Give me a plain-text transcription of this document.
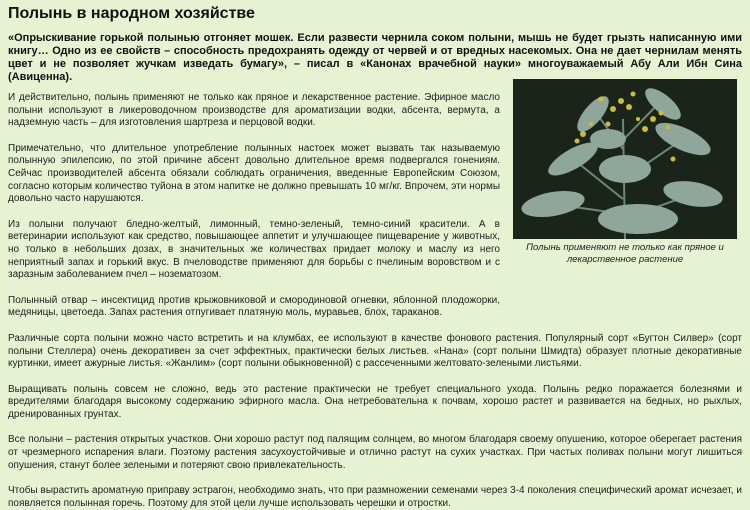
Полынь в народном хозяйстве

«Опрыскивание горькой полынью отгоняет мошек. Если развести чернила соком полыни, мышь не будет грызть написанную ими книгу… Одно из ее свойств – способность предохранять одежду от червей и от вредных насекомых. Она не дает чернилам менять цвет и не позволяет жучкам изведать бумагу», – писал в «Канонах врачебной науки» многоуважаемый Абу Али Ибн Сина (Авиценна).

И действительно, полынь применяют не только как пряное и лекарственное растение. Эфирное масло полыни используют в ликероводочном производстве для ароматизации водки, абсента, вермута, а надземную часть – для изготовления шартреза и перцовой водки.

Примечательно, что длительное употребление полынных настоек может вызвать так называемую полынную эпилепсию, по этой причине абсент довольно длительное время подвергался гонениям. Сейчас производителей абсента обязали соблюдать ограничения, введенные Европейским Союзом, согласно которым количество туйона в этом напитке не должно превышать 10 мг/кг. Впрочем, эти нормы довольно часто нарушаются.

Из полыни получают бледно-желтый, лимонный, темно-зеленый, темно-синий красители. А в ветеринарии используют как средство, повышающее аппетит и улучшающее пищеварение у животных, но только в небольших дозах, в значительных же количествах придает молоку и маслу из него неприятный запах и горький вкус. В пчеловодстве применяют для борьбы с пчелиным воровством и с заразным заболеванием пчел – нозематозом.

Полынный отвар – инсектицид против крыжовниковой и смородиновой огневки, яблонной плодожорки, медяницы, цветоеда. Запах растения отпугивает платяную моль, муравьев, блох, тараканов.

Различные сорта полыни можно часто встретить и на клумбах, ее используют в качестве фонового растения. Популярный сорт «Бугтон Силвер» (сорт полыни Стеллера) очень декоративен за счет эффектных, практически белых листьев. «Нана» (сорт полыни Шмидта) образует плотные декоративные куртинки, имеет ажурные листья. «Жанлим» (сорт полыни обыкновенной) с рассеченными желтовато-зелеными листьями.

Выращивать полынь совсем не сложно, ведь это растение практически не требует специального ухода. Полынь редко поражается болезнями и вредителями благодаря высокому содержанию эфирного масла. Она нетребовательна к почвам, хорошо растет и развивается на бедных, но рыхлых, дренированных грунтах.

Все полыни – растения открытых участков. Они хорошо растут под палящим солнцем, во многом благодаря своему опушению, которое оберегает растения от чрезмерного испарения влаги. Поэтому растения засухоустойчивые и отлично растут на сухих участках. При частых поливах полыни могут лишиться опушения, станут более зелеными и потеряют свою привлекательность.

Чтобы вырастить ароматную приправу эстрагон, необходимо знать, что при размножении семенами через 3-4 поколения специфический аромат исчезает, и появляется полынная горечь. Поэтому для этой цели лучше использовать черешки и отростки.

Полынь применяют не только как пряное и лекарственное растение
